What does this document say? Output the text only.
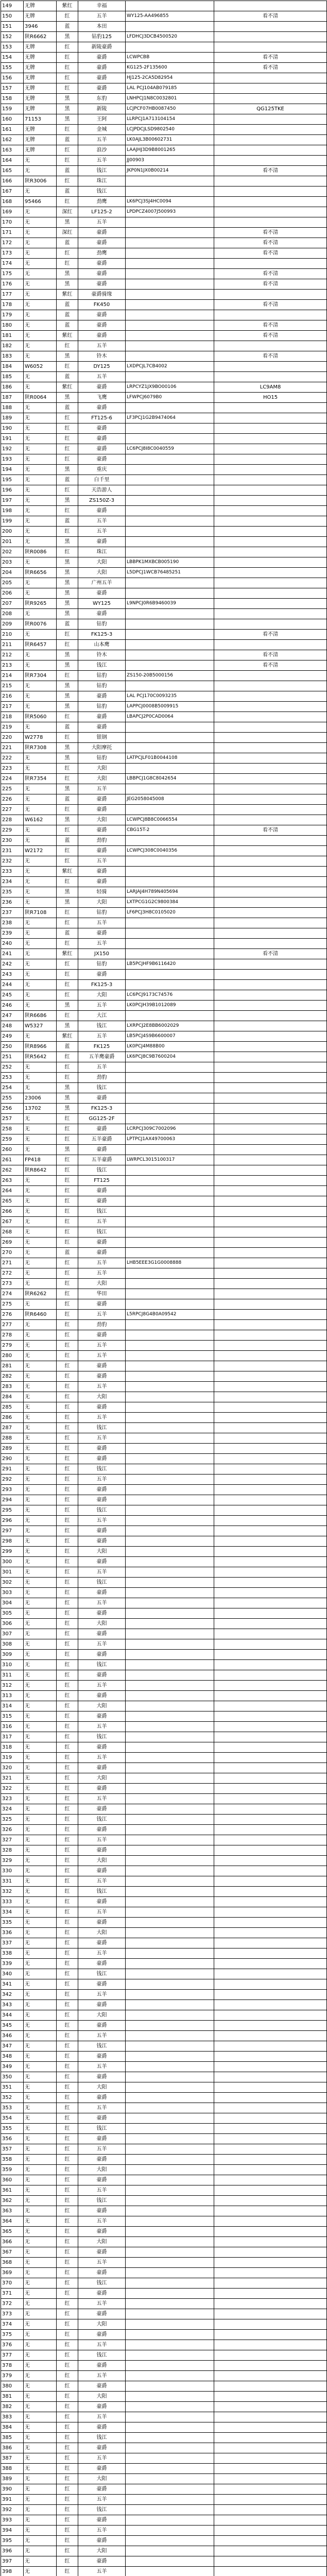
149	无牌	紫红	幸福		
150	无牌	红	五羊	WY125-AA496855	看不清
151	3946	蓝	本田		
152	陕R6662	黑	钻豹125	LFDHCJ3DCB4500520	
153	无牌	红	新陵豪爵		
154	无牌	红	豪爵	LCWPCBB	看不清
155	无牌	红	豪爵	KG125-2F135600	看不清
156	无牌	红	豪爵	HJ125-2CA5D82954	
157	无牌	红	豪爵	LAL PCJ104AB079185	
158	无牌	黑	东豹	LNHPCJ1N8C0032801	
159	无牌	黑	新陵	LCJPCF07HB0087450	QG125TKE
160	71153	黑	王阿	LLRPCJ1A713104154	
161	无牌	红	金城	LCJPDCJLSD9802540	
162	无牌	蓝	五羊	LK0AJL3B00602731	
163	无牌	红	浪沙	LAAJHJ3D9B8001265	
164	无	红	五羊	JJ00903	
165	无	蓝	钱江	JKP0N1JX0B00214	看不清
166	陕R3006	红	珠江		
167	无	蓝	钱江		
168	95466	红	劲鹰	LK6PCJ3SJ4HC0094	
169	无	深红	LF125-2	LPDPCZ4007J500993	
170	无	黑	五羊		
171	无	深红	豪爵		看不清
172	无	蓝	豪爵		看不清
173	无	红	劲鹰		看不清
174	无	红	豪爵		
175	无	黑	豪爵		看不清
176	无	黑	豪爵		看不清
177	无	紫红	豪爵骑缘		
178	无	蓝	FK450		看不清
179	无	蓝	豪爵		
180	无	蓝	豪爵		看不清
181	无	紫红	豪爵		看不清
182	无	红	五羊		
183	无	黑	铃木		看不清
184	W6052	红	DY125	LXDPCJL7CB4002	
185	无	蓝	五羊		
186	无	紫红	豪爵	LRPCYZ1JX9BO00106	LC9AM8
187	陕R0064	黑	飞鹰	LFWPCJ6079B0	HO15
188	无	蓝	豪爵		
189	无	红	FT125-6	LF3PCJ1G2B9474064	
190	无	红	豪爵		
191	无	红	豪爵		
192	无	红	豪爵	LC6PCJ8I8C0040559	
193	无	红	豪爵		
194	无	黑	重庆		
195	无	蓝	白千里		
196	无	红	天浩游人		
197	无	黑	ZS150Z-3		
198	无	红	豪爵		
199	无	蓝	五羊		
200	无	红	五羊		
201	无	黑	豪爵		
202	陕R0086	红	珠江		
203	无	黑	大阳	LBBPK1MXBCB005190	
204	陕R6656	黑	大阳	L5DPCJ1WCB76485251	
205	无	黑	广州五羊		
206	无	黑	豪爵		
207	陕R9265	黑	WY125	L9NPCJ0R6B9460039	
208	无	黑	豪爵		
209	陕R0076	蓝	钻豹		
210	无	红	FK125-3		看不清
211	陕R6457	红	山本鹰		
212	无	黑	铃木		看不清
213	无	黑	钱江		看不清
214	陕R7304	红	钻豹	ZS150-20B5000156	
215	无	黑	钻豹		
216	无	黑	豪爵	LAL PCJ170C0093235	
217	无	黑	钻豹	LAPPCJ0008B5009915	
218	陕R5060	红	豪爵	LBAPCJ2P0CAD0064	
219	无	蓝	豪爵		
220	W2778	红	银钢		
221	陕R7308	黑	大阳摩托		
222	无	黑	钻豹	LATPCJLF01B0044108	
223	无	红	大阳		
224	陕R7354	红	大阳	LBBPCJ1G8C8042654	
225	无	黑	五羊		
226	无	蓝	豪爵	JEG2058045008	
227	无	红	豪爵		
228	W6162	黑	大阳	LCWPCJ8B8C0066554	
229	无	红	豪爵	CBG15T-2	看不清
230	无	蓝	劲豹		
231	W2172	红	豪爵	LCWPCJ308C0040356	
232	无	红	五羊		
233	无	紫红	豪爵		
234	无	红	豪爵		
235	无	黑	轻骑	LARJAJ4H789N405694	
236	无	黑	大阳	LXTPCG1G2C9800384	
237	陕R7108	红	钻豹	LF6PCJ3H8C0105020	
238	无	红	五羊		
239	无	蓝	豪爵		
240	无	红	五羊		
241	无	紫红	JX150		看不清
242	无	红	钻豹	LB5PCJHF9B6116420	
243	无	红	豪爵		
244	无	红	FK125-3		
245	无	红	大阳	LC6PCJ9173C74576	
246	无	黑	五羊	LK0PCJH39B1012089	
247	陕R6686	红	大江		
248	W5327	黑	钱江	LXRPCJ2E8BB6002029	
249	无	紫红	五羊	LB5PCJ4S9B6600007	
250	陕R8966	蓝	FK125	LK0PCJ4M88B00	
251	陕R5642	红	五羊鹰豪爵	LK6PCJ8C9B7600204	
252	无	红	五羊		
253	无	红	劲豹		
254	无	黑	钱江		
255	23006	黑	豪爵		
256	13702	黑	FK125-3		
257	无	红	GG125-2F		
258	无	红	豪爵	LCRPCJ309C7002096	
259	无	红	五羊豪爵	LPTPCJ1AX49700063	
260	无	黑	豪爵		
261	FP418	红	五羊豪爵	LWRPCL3015100317	
262	陕R8642	红	钱江		
263	无	红	FT125		
264	无	红	豪爵		
265	无	红	豪爵		
266	无	红	钱江		
267	无	红	五羊		
268	无	红	钱江		
269	无	红	豪爵		
270	无	蓝	豪爵		
271	无	红	五羊	LHB5EEE3G1G0008888	
272	无	红	五羊		
273	无	红	大阳		
274	陕R6262	红	华田		
275	无	红	豪爵		
276	陕R6460	红	五羊	L5RPCJ8G4B0A09542	
277	无	红	劲豹		
278	无	红	豪爵		
279	无	红	五羊		
280	无	红	五羊		
281	无	红	豪爵		
282	无	红	豪爵		
283	无	红	五羊		
284	无	红	大阳		
285	无	红	豪爵		
286	无	红	五羊		
287	无	红	钱江		
288	无	红	五羊		
289	无	红	豪爵		
290	无	红	豪爵		
291	无	红	钱江		
292	无	红	五羊		
293	无	红	豪爵		
294	无	红	豪爵		
295	无	红	钱江		
296	无	红	五羊		
297	无	红	豪爵		
298	无	红	豪爵		
299	无	红	大阳		
300	无	红	豪爵		
301	无	红	五羊		
302	无	红	钱江		
303	无	红	豪爵		
304	无	红	五羊		
305	无	红	豪爵		
306	无	红	大阳		
307	无	红	豪爵		
308	无	红	五羊		
309	无	红	豪爵		
310	无	红	钱江		
311	无	红	豪爵		
312	无	红	五羊		
313	无	红	豪爵		
314	无	红	大阳		
315	无	红	豪爵		
316	无	红	五羊		
317	无	红	钱江		
318	无	红	豪爵		
319	无	红	五羊		
320	无	红	豪爵		
321	无	红	大阳		
322	无	红	豪爵		
323	无	红	五羊		
324	无	红	豪爵		
325	无	红	钱江		
326	无	红	豪爵		
327	无	红	五羊		
328	无	红	豪爵		
329	无	红	大阳		
330	无	红	豪爵		
331	无	红	五羊		
332	无	红	钱江		
333	无	红	豪爵		
334	无	红	五羊		
335	无	红	豪爵		
336	无	红	大阳		
337	无	红	豪爵		
338	无	红	五羊		
339	无	红	豪爵		
340	无	红	钱江		
341	无	红	豪爵		
342	无	红	五羊		
343	无	红	豪爵		
344	无	红	大阳		
345	无	红	豪爵		
346	无	红	五羊		
347	无	红	钱江		
348	无	红	豪爵		
349	无	红	五羊		
350	无	红	豪爵		
351	无	红	大阳		
352	无	红	豪爵		
353	无	红	五羊		
354	无	红	豪爵		
355	无	红	钱江		
356	无	红	豪爵		
357	无	红	五羊		
358	无	红	豪爵		
359	无	红	大阳		
360	无	红	豪爵		
361	无	红	五羊		
362	无	红	钱江		
363	无	红	豪爵		
364	无	红	五羊		
365	无	红	豪爵		
366	无	红	大阳		
367	无	红	豪爵		
368	无	红	五羊		
369	无	红	豪爵		
370	无	红	钱江		
371	无	红	豪爵		
372	无	红	五羊		
373	无	红	豪爵		
374	无	红	大阳		
375	无	红	豪爵		
376	无	红	五羊		
377	无	红	钱江		
378	无	红	豪爵		
379	无	红	五羊		
380	无	红	豪爵		
381	无	红	大阳		
382	无	红	豪爵		
383	无	红	五羊		
384	无	红	豪爵		
385	无	红	钱江		
386	无	红	豪爵		
387	无	红	五羊		
388	无	红	豪爵		
389	无	红	大阳		
390	无	红	豪爵		
391	无	红	五羊		
392	无	红	钱江		
393	无	红	豪爵		
394	无	红	五羊		
395	无	红	豪爵		
396	无	红	大阳		
397	无	红	豪爵		
398	无	红	五羊		
